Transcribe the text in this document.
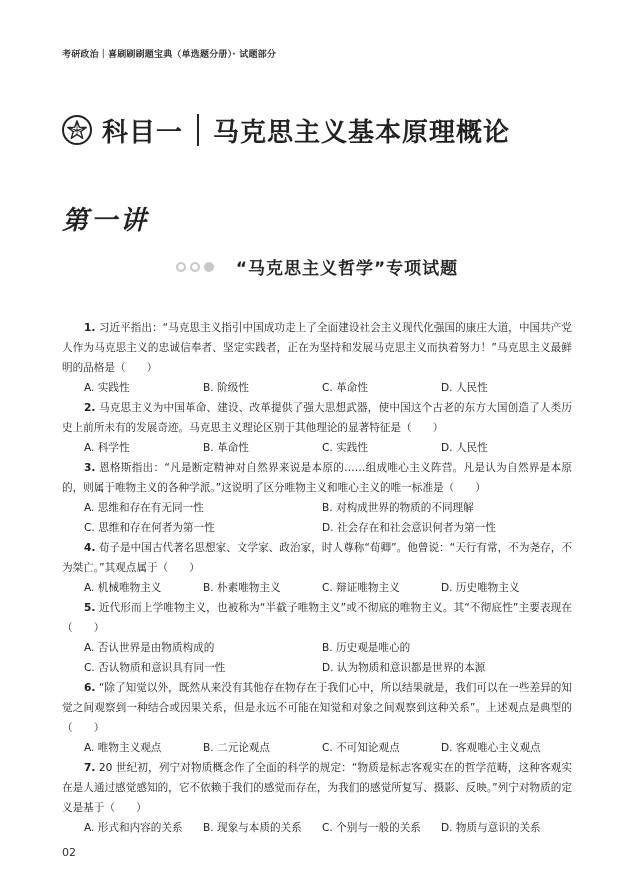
考研政治｜喜刷刷刷题宝典（单选题分册）· 试题部分
科目一 马克思主义基本原理概论
第一讲
“马克思主义哲学”专项试题
1. 习近平指出：“马克思主义指引中国成功走上了全面建设社会主义现代化强国的康庄大道，中国共产党人作为马克思主义的忠诚信奉者、坚定实践者，正在为坚持和发展马克思主义而执着努力！”马克思主义最鲜明的品格是（　　）
A. 实践性	B. 阶级性	C. 革命性	D. 人民性
2. 马克思主义为中国革命、建设、改革提供了强大思想武器，使中国这个古老的东方大国创造了人类历史上前所未有的发展奇迹。马克思主义理论区别于其他理论的显著特征是（　　）
A. 科学性	B. 革命性	C. 实践性	D. 人民性
3. 恩格斯指出：“凡是断定精神对自然界来说是本原的……组成唯心主义阵营。凡是认为自然界是本原的，则属于唯物主义的各种学派。”这说明了区分唯物主义和唯心主义的唯一标准是（　　）
A. 思维和存在有无同一性	B. 对构成世界的物质的不同理解
C. 思维和存在何者为第一性	D. 社会存在和社会意识何者为第一性
4. 荀子是中国古代著名思想家、文学家、政治家，时人尊称“荀卿”。他曾说：“天行有常，不为尧存，不为桀亡。”其观点属于（　　）
A. 机械唯物主义	B. 朴素唯物主义	C. 辩证唯物主义	D. 历史唯物主义
5. 近代形而上学唯物主义，也被称为“半截子唯物主义”或不彻底的唯物主义。其“不彻底性”主要表现在（　　）
A. 否认世界是由物质构成的	B. 历史观是唯心的
C. 否认物质和意识具有同一性	D. 认为物质和意识都是世界的本源
6. “除了知觉以外，既然从来没有其他存在物存在于我们心中，所以结果就是，我们可以在一些差异的知觉之间观察到一种结合或因果关系，但是永远不可能在知觉和对象之间观察到这种关系”。上述观点是典型的（　　）
A. 唯物主义观点	B. 二元论观点	C. 不可知论观点	D. 客观唯心主义观点
7. 20 世纪初，列宁对物质概念作了全面的科学的规定：“物质是标志客观实在的哲学范畴，这种客观实在是人通过感觉感知的，它不依赖于我们的感觉而存在，为我们的感觉所复写、摄影、反映。”列宁对物质的定义是基于（　　）
A. 形式和内容的关系	B. 现象与本质的关系	C. 个别与一般的关系	D. 物质与意识的关系
02
